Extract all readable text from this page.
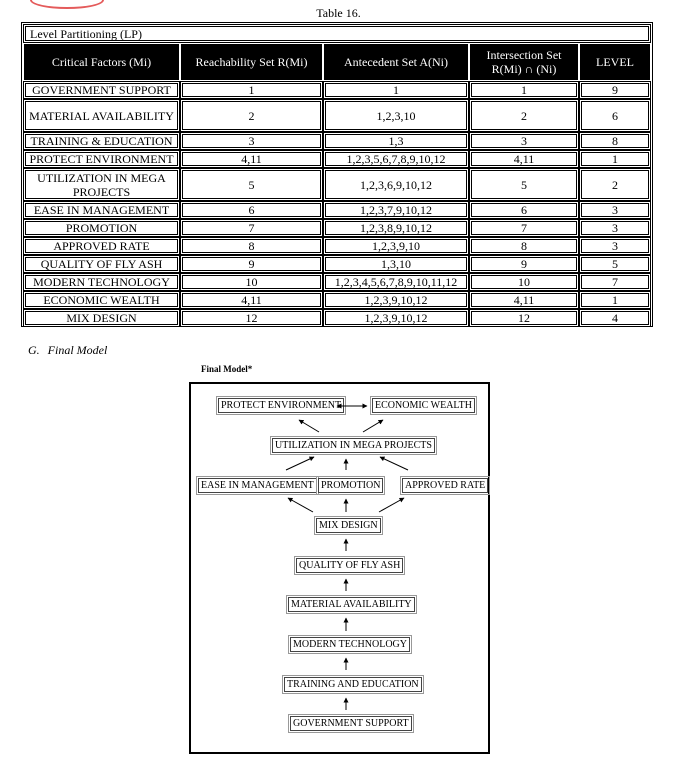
Table 16.
Level Partitioning (LP)				
Critical Factors (Mi)	Reachability Set R(Mi)	Antecedent Set A(Ni)	Intersection Set
R(Mi) ∩ (Ni)	LEVEL
GOVERNMENT SUPPORT	1	1	1	9
MATERIAL AVAILABILITY	2	1,2,3,10	2	6
TRAINING & EDUCATION	3	1,3	3	8
PROTECT ENVIRONMENT	4,11	1,2,3,5,6,7,8,9,10,12	4,11	1
UTILIZATION IN MEGA PROJECTS	5	1,2,3,6,9,10,12	5	2
EASE IN MANAGEMENT	6	1,2,3,7,9,10,12	6	3
PROMOTION	7	1,2,3,8,9,10,12	7	3
APPROVED RATE	8	1,2,3,9,10	8	3
QUALITY OF FLY ASH	9	1,3,10	9	5
MODERN TECHNOLOGY	10	1,2,3,4,5,6,7,8,9,10,11,12	10	7
ECONOMIC WEALTH	4,11	1,2,3,9,10,12	4,11	1
MIX DESIGN	12	1,2,3,9,10,12	12	4
G. Final Model
Final Model*
PROTECT ENVIRONMENT	ECONOMIC WEALTH
UTILIZATION IN MEGA PROJECTS
EASE IN MANAGEMENT PROMOTION	APPROVED RATE
MIX DESIGN
QUALITY OF FLY ASH
MATERIAL AVAILABILITY
MODERN TECHNOLOGY
TRAINING AND EDUCATION
GOVERNMENT SUPPORT
